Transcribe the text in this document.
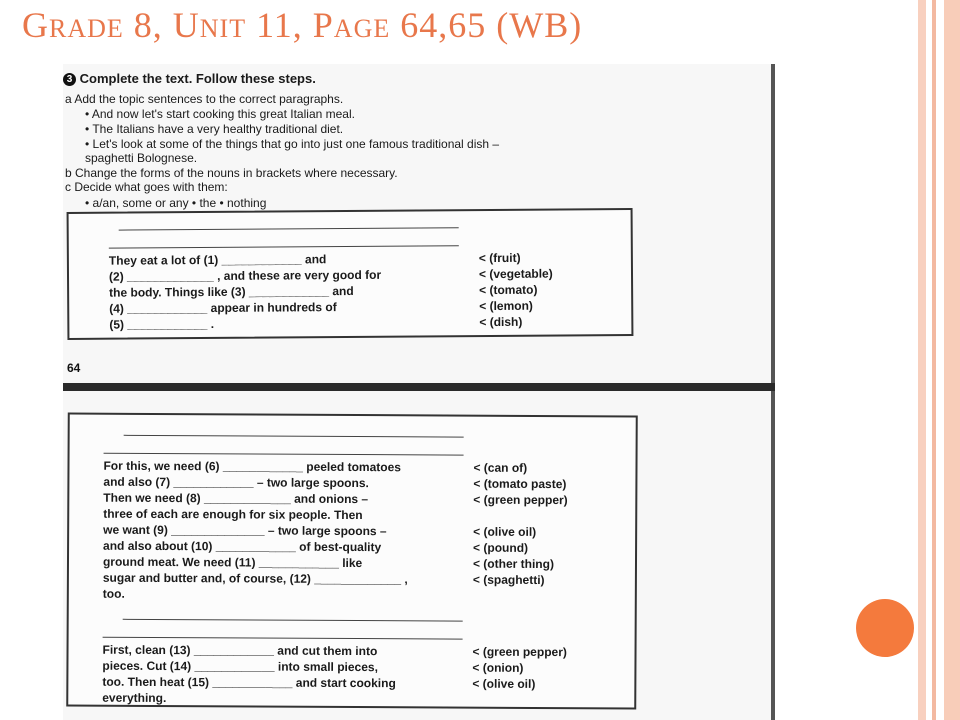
GRADE 8, UNIT 11, PAGE 64,65 (WB)
3 Complete the text. Follow these steps.
a Add the topic sentences to the correct paragraphs.
• And now let's start cooking this great Italian meal.
• The Italians have a very healthy traditional diet.
• Let's look at some of the things that go into just one famous traditional dish –
spaghetti Bolognese.
b Change the forms of the nouns in brackets where necessary.
c Decide what goes with them:
• a/an, some or any • the • nothing
They eat a lot of (1) ____________ and
(2) _____________ , and these are very good for
the body. Things like (3) ____________ and
(4) ____________ appear in hundreds of
(5) ____________ .
< (fruit)
< (vegetable)
< (tomato)
< (lemon)
< (dish)
64
For this, we need (6) ____________ peeled tomatoes
and also (7) ____________ – two large spoons.
Then we need (8) _____________ and onions –
three of each are enough for six people. Then
we want (9) ______________ – two large spoons –
and also about (10) ____________ of best-quality
ground meat. We need (11) ____________ like
sugar and butter and, of course, (12) _____________ ,
too.
< (can of)
< (tomato paste)
< (green pepper)
< (olive oil)
< (pound)
< (other thing)
< (spaghetti)
First, clean (13) ____________ and cut them into
pieces. Cut (14) ____________ into small pieces,
too. Then heat (15) ____________ and start cooking
everything.
< (green pepper)
< (onion)
< (olive oil)
